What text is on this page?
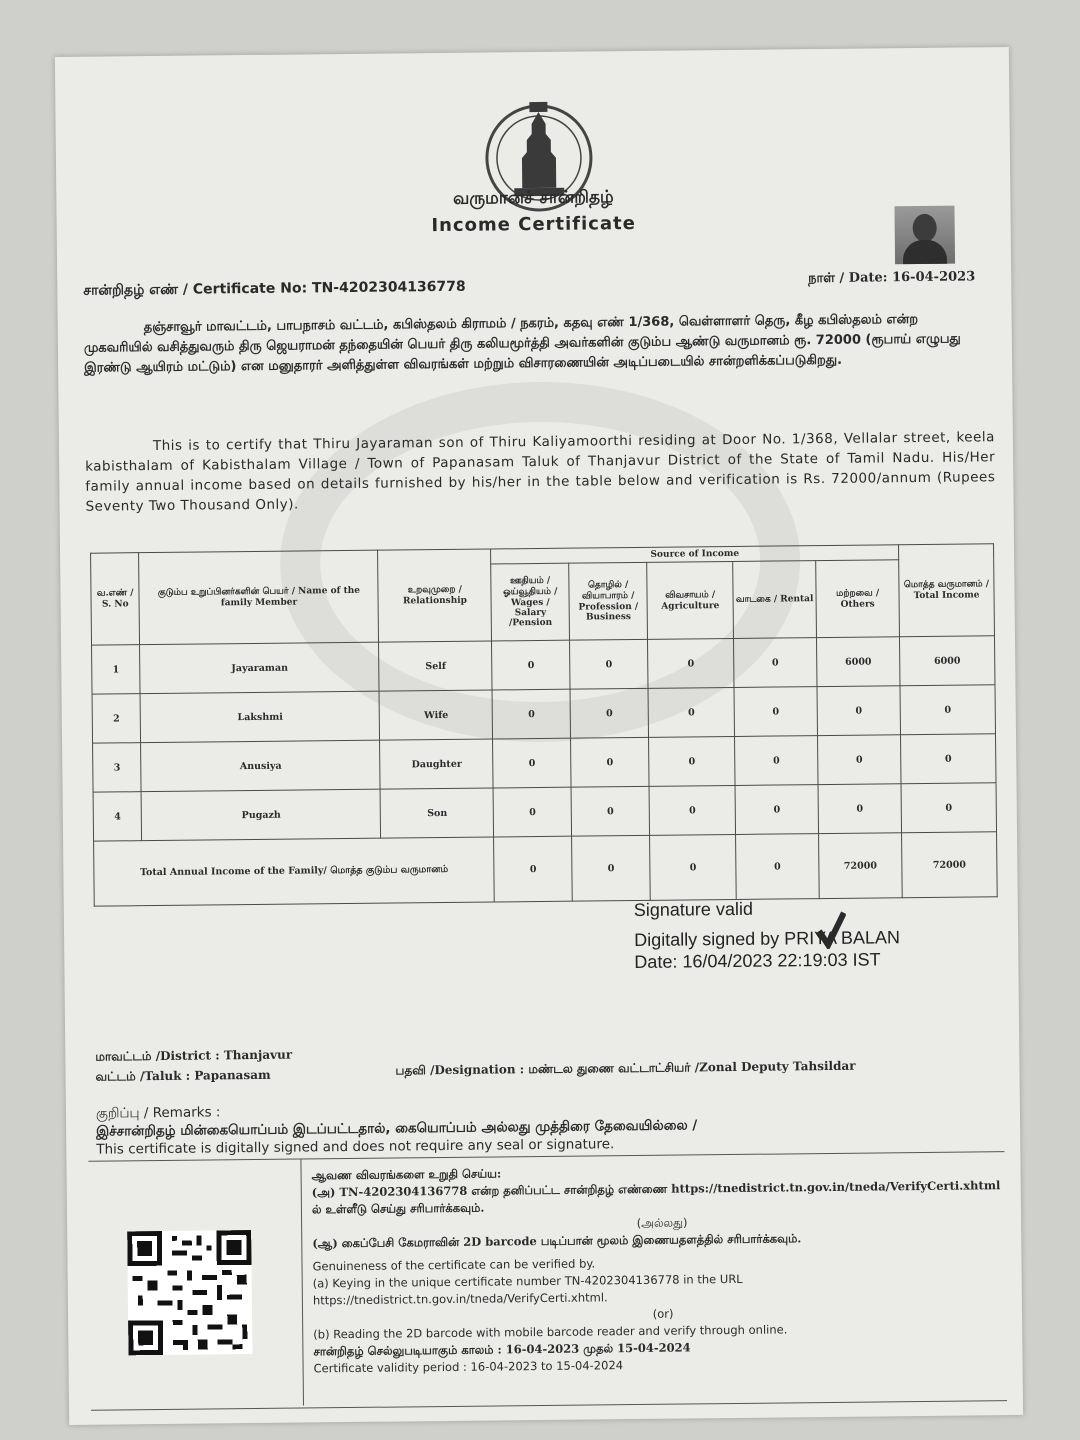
வருமானச் சான்றிதழ்
Income Certificate
சான்றிதழ் எண் / Certificate No: TN-4202304136778
நாள் / Date: 16-04-2023
தஞ்சாவூர் மாவட்டம், பாபநாசம் வட்டம், கபிஸ்தலம் கிராமம் / நகரம், கதவு எண் 1/368, வெள்ளாளர் தெரு, கீழ கபிஸ்தலம் என்ற முகவரியில் வசித்துவரும் திரு ஜெயராமன் தந்தையின் பெயர் திரு கலியமூர்த்தி அவர்களின் குடும்ப ஆண்டு வருமானம் ரூ. 72000 (ரூபாய் எழுபது இரண்டு ஆயிரம் மட்டும்) என மனுதாரர் அளித்துள்ள விவரங்கள் மற்றும் விசாரணையின் அடிப்படையில் சான்றளிக்கப்படுகிறது.
This is to certify that Thiru Jayaraman son of Thiru Kaliyamoorthi residing at Door No. 1/368, Vellalar street, keela kabisthalam of Kabisthalam Village / Town of Papanasam Taluk of Thanjavur District of the State of Tamil Nadu. His/Her family annual income based on details furnished by his/her in the table below and verification is Rs. 72000/annum (Rupees Seventy Two Thousand Only).
வ.எண் / S. No	குடும்ப உறுப்பினர்களின் பெயர் / Name of the family Member	உறவுமுறை / Relationship	Source of Income					மொத்த வருமானம் / Total Income
			ஊதியம் / ஓய்வூதியம் / Wages / Salary /Pension	தொழில் / வியாபாரம் / Profession / Business	விவசாயம் / Agriculture	வாடகை / Rental	மற்றவை / Others	
1	Jayaraman	Self	0	0	0	0	6000	6000
2	Lakshmi	Wife	0	0	0	0	0	0
3	Anusiya	Daughter	0	0	0	0	0	0
4	Pugazh	Son	0	0	0	0	0	0
Total Annual Income of the Family/ மொத்த குடும்ப வருமானம்			0	0	0	0	72000	72000
Signature valid
Digitally signed by PRIYA BALAN
Date: 16/04/2023 22:19:03 IST
மாவட்டம் /District : Thanjavur
வட்டம் /Taluk : Papanasam	பதவி /Designation : மண்டல துணை வட்டாட்சியர் /Zonal Deputy Tahsildar
குறிப்பு / Remarks :
இச்சான்றிதழ் மின்கையொப்பம் இடப்பட்டதால், கையொப்பம் அல்லது முத்திரை தேவையில்லை /
This certificate is digitally signed and does not require any seal or signature.
ஆவண விவரங்களை உறுதி செய்ய:
(அ) TN-4202304136778 என்ற தனிப்பட்ட சான்றிதழ் எண்ணை https://tnedistrict.tn.gov.in/tneda/VerifyCerti.xhtml ல் உள்ளீடு செய்து சரிபார்க்கவும்.
(அல்லது)
(ஆ) கைப்பேசி கேமராவின் 2D barcode படிப்பான் மூலம் இணையதளத்தில் சரிபார்க்கவும்.
Genuineness of the certificate can be verified by.
(a) Keying in the unique certificate number TN-4202304136778 in the URL https://tnedistrict.tn.gov.in/tneda/VerifyCerti.xhtml.
(or)
(b) Reading the 2D barcode with mobile barcode reader and verify through online.
சான்றிதழ் செல்லுபடியாகும் காலம் : 16-04-2023 முதல் 15-04-2024
Certificate validity period : 16-04-2023 to 15-04-2024
